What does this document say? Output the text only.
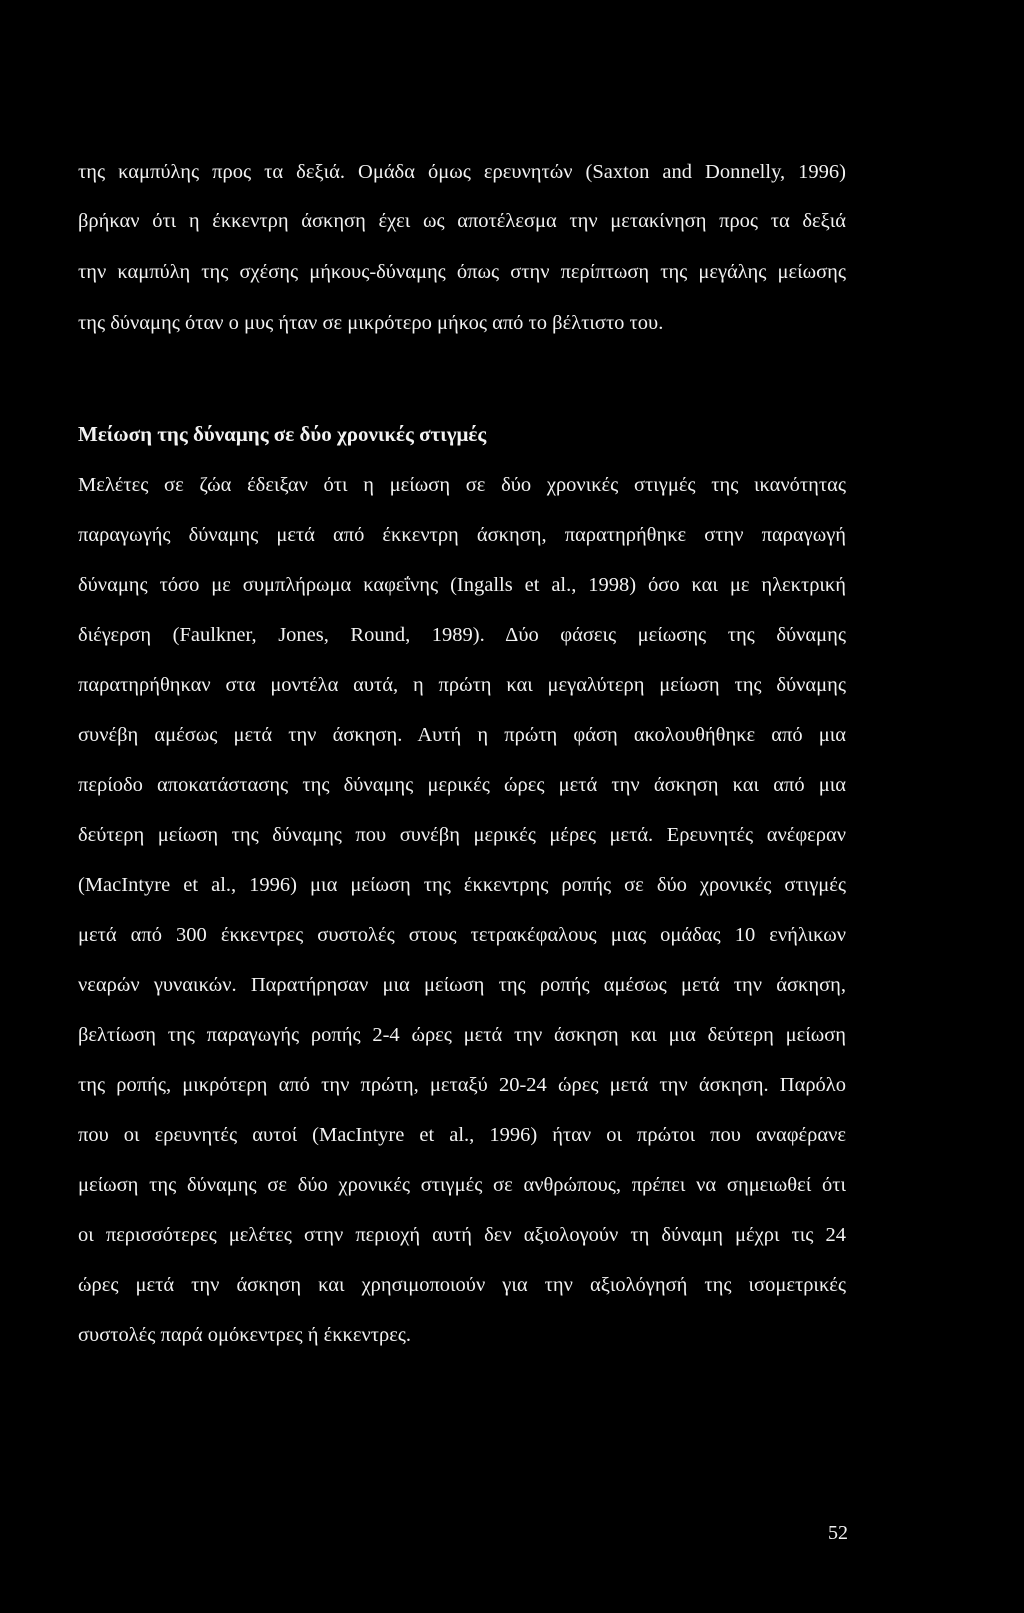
της καμπύλης προς τα δεξιά. Ομάδα όμως ερευνητών (Saxton and Donnelly, 1996)
βρήκαν ότι η έκκεντρη άσκηση έχει ως αποτέλεσμα την μετακίνηση προς τα δεξιά
την καμπύλη της σχέσης μήκους-δύναμης όπως στην περίπτωση της μεγάλης μείωσης
της δύναμης όταν ο μυς ήταν σε μικρότερο μήκος από το βέλτιστο του.
Μείωση της δύναμης σε δύο χρονικές στιγμές
Μελέτες σε ζώα έδειξαν ότι η μείωση σε δύο χρονικές στιγμές της ικανότητας
παραγωγής δύναμης μετά από έκκεντρη άσκηση, παρατηρήθηκε στην παραγωγή
δύναμης τόσο με συμπλήρωμα καφεΐνης (Ingalls et al., 1998) όσο και με ηλεκτρική
διέγερση (Faulkner, Jones, Round, 1989). Δύο φάσεις μείωσης της δύναμης
παρατηρήθηκαν στα μοντέλα αυτά, η πρώτη και μεγαλύτερη μείωση της δύναμης
συνέβη αμέσως μετά την άσκηση. Αυτή η πρώτη φάση ακολουθήθηκε από μια
περίοδο αποκατάστασης της δύναμης μερικές ώρες μετά την άσκηση και από μια
δεύτερη μείωση της δύναμης που συνέβη μερικές μέρες μετά. Ερευνητές ανέφεραν
(MacIntyre et al., 1996) μια μείωση της έκκεντρης ροπής σε δύο χρονικές στιγμές
μετά από 300 έκκεντρες συστολές στους τετρακέφαλους μιας ομάδας 10 ενήλικων
νεαρών γυναικών. Παρατήρησαν μια μείωση της ροπής αμέσως μετά την άσκηση,
βελτίωση της παραγωγής ροπής 2-4 ώρες μετά την άσκηση και μια δεύτερη μείωση
της ροπής, μικρότερη από την πρώτη, μεταξύ 20-24 ώρες μετά την άσκηση. Παρόλο
που οι ερευνητές αυτοί (MacIntyre et al., 1996) ήταν οι πρώτοι που αναφέρανε
μείωση της δύναμης σε δύο χρονικές στιγμές σε ανθρώπους, πρέπει να σημειωθεί ότι
οι περισσότερες μελέτες στην περιοχή αυτή δεν αξιολογούν τη δύναμη μέχρι τις 24
ώρες μετά την άσκηση και χρησιμοποιούν για την αξιολόγησή της ισομετρικές
συστολές παρά ομόκεντρες ή έκκεντρες.
52
